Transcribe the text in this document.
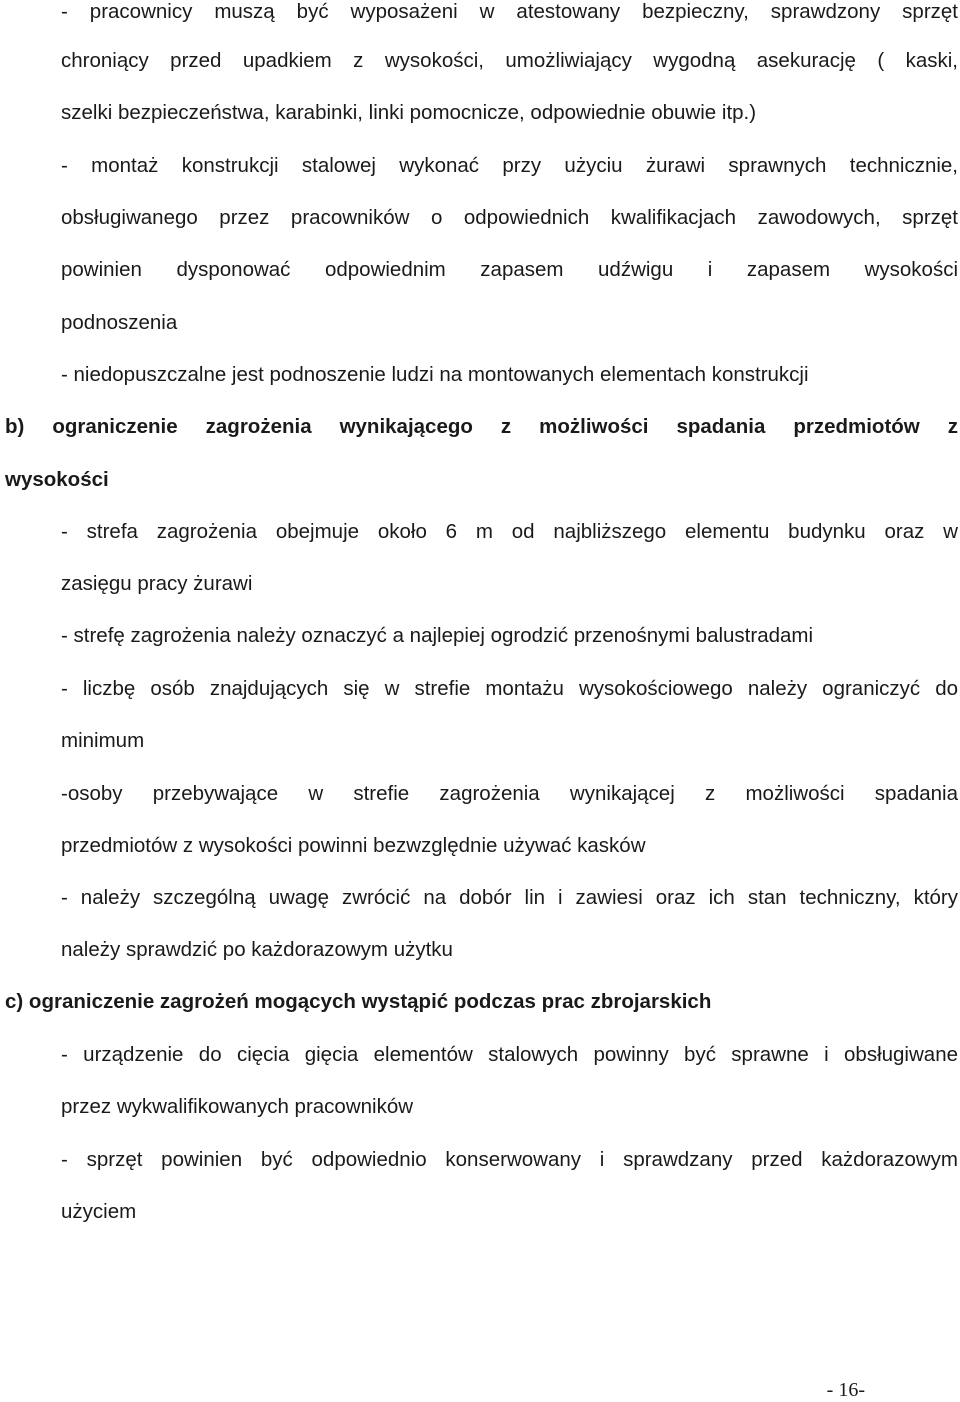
- pracownicy muszą być wyposażeni w atestowany bezpieczny, sprawdzony sprzęt
chroniący przed upadkiem z wysokości, umożliwiający wygodną asekurację ( kaski,
szelki bezpieczeństwa, karabinki, linki pomocnicze, odpowiednie obuwie itp.)
- montaż konstrukcji stalowej wykonać przy użyciu żurawi sprawnych technicznie,
obsługiwanego przez pracowników o odpowiednich kwalifikacjach zawodowych, sprzęt
powinien dysponować odpowiednim zapasem udźwigu i zapasem wysokości
podnoszenia
- niedopuszczalne jest podnoszenie ludzi na montowanych elementach konstrukcji
b) ograniczenie zagrożenia wynikającego z możliwości spadania przedmiotów z
wysokości
- strefa zagrożenia obejmuje około 6 m od najbliższego elementu budynku oraz w
zasięgu pracy żurawi
- strefę zagrożenia należy oznaczyć a najlepiej ogrodzić przenośnymi balustradami
- liczbę osób znajdujących się w strefie montażu wysokościowego należy ograniczyć do
minimum
-osoby przebywające w strefie zagrożenia wynikającej z możliwości spadania
przedmiotów z wysokości powinni bezwzględnie używać kasków
- należy szczególną uwagę zwrócić na dobór lin i zawiesi oraz ich stan techniczny, który
należy sprawdzić po każdorazowym użytku
c) ograniczenie zagrożeń mogących wystąpić podczas prac zbrojarskich
- urządzenie do cięcia gięcia elementów stalowych powinny być sprawne i obsługiwane
przez wykwalifikowanych pracowników
- sprzęt powinien być odpowiednio konserwowany i sprawdzany przed każdorazowym
użyciem
- 16-
